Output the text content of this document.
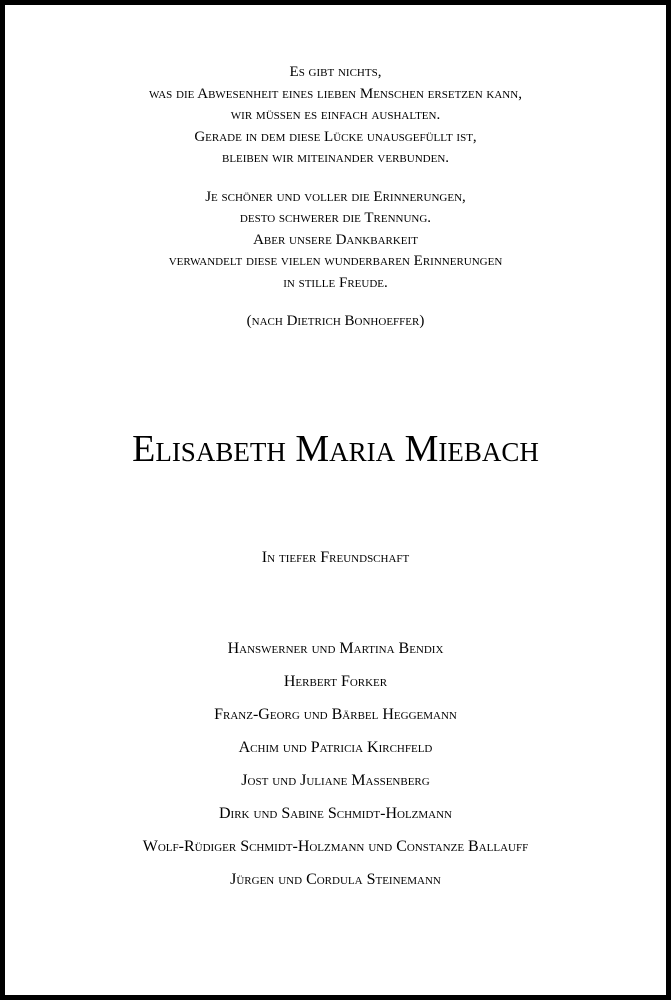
Es gibt nichts,
was die Abwesenheit eines lieben Menschen ersetzen kann,
wir müssen es einfach aushalten.
Gerade in dem diese Lücke unausgefüllt ist,
bleiben wir miteinander verbunden.
Je schöner und voller die Erinnerungen,
desto schwerer die Trennung.
Aber unsere Dankbarkeit
verwandelt diese vielen wunderbaren Erinnerungen
in stille Freude.
(nach Dietrich Bonhoeffer)
Elisabeth Maria Miebach
In tiefer Freundschaft
Hanswerner und Martina Bendix
Herbert Forker
Franz-Georg und Bärbel Heggemann
Achim und Patricia Kirchfeld
Jost und Juliane Massenberg
Dirk und Sabine Schmidt-Holzmann
Wolf-Rüdiger Schmidt-Holzmann und Constanze Ballauff
Jürgen und Cordula Steinemann
